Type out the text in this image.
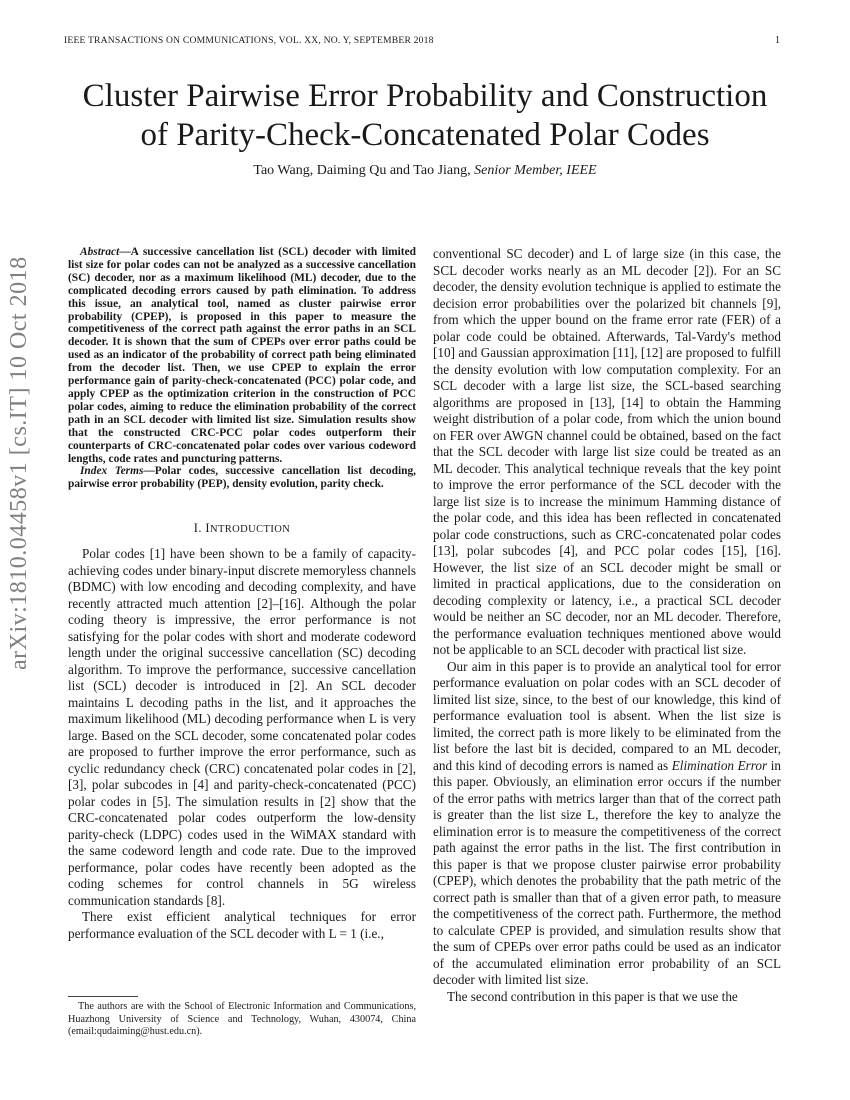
IEEE TRANSACTIONS ON COMMUNICATIONS, VOL. XX, NO. Y, SEPTEMBER 2018	1
arXiv:1810.04458v1 [cs.IT] 10 Oct 2018
Cluster Pairwise Error Probability and Construction
of Parity-Check-Concatenated Polar Codes
Tao Wang, Daiming Qu and Tao Jiang, Senior Member, IEEE

Abstract—A successive cancellation list (SCL) decoder with limited list size for polar codes can not be analyzed as a successive cancellation (SC) decoder, nor as a maximum likelihood (ML) decoder, due to the complicated decoding errors caused by path elimination. To address this issue, an analytical tool, named as cluster pairwise error probability (CPEP), is proposed in this paper to measure the competitiveness of the correct path against the error paths in an SCL decoder. It is shown that the sum of CPEPs over error paths could be used as an indicator of the probability of correct path being eliminated from the decoder list. Then, we use CPEP to explain the error performance gain of parity-check-concatenated (PCC) polar code, and apply CPEP as the optimization criterion in the construction of PCC polar codes, aiming to reduce the elimination probability of the correct path in an SCL decoder with limited list size. Simulation results show that the constructed CRC-PCC polar codes outperform their counterparts of CRC-concatenated polar codes over various codeword lengths, code rates and puncturing patterns.

Index Terms—Polar codes, successive cancellation list decoding, pairwise error probability (PEP), density evolution, parity check.

I. INTRODUCTION

Polar codes [1] have been shown to be a family of capacity-achieving codes under binary-input discrete memoryless channels (BDMC) with low encoding and decoding complexity, and have recently attracted much attention [2]–[16]. Although the polar coding theory is impressive, the error performance is not satisfying for the polar codes with short and moderate codeword length under the original successive cancellation (SC) decoding algorithm. To improve the performance, successive cancellation list (SCL) decoder is introduced in [2]. An SCL decoder maintains L decoding paths in the list, and it approaches the maximum likelihood (ML) decoding performance when L is very large. Based on the SCL decoder, some concatenated polar codes are proposed to further improve the error performance, such as cyclic redundancy check (CRC) concatenated polar codes in [2], [3], polar subcodes in [4] and parity-check-concatenated (PCC) polar codes in [5]. The simulation results in [2] show that the CRC-concatenated polar codes outperform the low-density parity-check (LDPC) codes used in the WiMAX standard with the same codeword length and code rate. Due to the improved performance, polar codes have recently been adopted as the coding schemes for control channels in 5G wireless communication standards [8].

There exist efficient analytical techniques for error performance evaluation of the SCL decoder with L = 1 (i.e.,

The authors are with the School of Electronic Information and Communications, Huazhong University of Science and Technology, Wuhan, 430074, China (email:qudaiming@hust.edu.cn).

conventional SC decoder) and L of large size (in this case, the SCL decoder works nearly as an ML decoder [2]). For an SC decoder, the density evolution technique is applied to estimate the decision error probabilities over the polarized bit channels [9], from which the upper bound on the frame error rate (FER) of a polar code could be obtained. Afterwards, Tal-Vardy's method [10] and Gaussian approximation [11], [12] are proposed to fulfill the density evolution with low computation complexity. For an SCL decoder with a large list size, the SCL-based searching algorithms are proposed in [13], [14] to obtain the Hamming weight distribution of a polar code, from which the union bound on FER over AWGN channel could be obtained, based on the fact that the SCL decoder with large list size could be treated as an ML decoder. This analytical technique reveals that the key point to improve the error performance of the SCL decoder with the large list size is to increase the minimum Hamming distance of the polar code, and this idea has been reflected in concatenated polar code constructions, such as CRC-concatenated polar codes [13], polar subcodes [4], and PCC polar codes [15], [16]. However, the list size of an SCL decoder might be small or limited in practical applications, due to the consideration on decoding complexity or latency, i.e., a practical SCL decoder would be neither an SC decoder, nor an ML decoder. Therefore, the performance evaluation techniques mentioned above would not be applicable to an SCL decoder with practical list size.

Our aim in this paper is to provide an analytical tool for error performance evaluation on polar codes with an SCL decoder of limited list size, since, to the best of our knowledge, this kind of performance evaluation tool is absent. When the list size is limited, the correct path is more likely to be eliminated from the list before the last bit is decided, compared to an ML decoder, and this kind of decoding errors is named as Elimination Error in this paper. Obviously, an elimination error occurs if the number of the error paths with metrics larger than that of the correct path is greater than the list size L, therefore the key to analyze the elimination error is to measure the competitiveness of the correct path against the error paths in the list. The first contribution in this paper is that we propose cluster pairwise error probability (CPEP), which denotes the probability that the path metric of the correct path is smaller than that of a given error path, to measure the competitiveness of the correct path. Furthermore, the method to calculate CPEP is provided, and simulation results show that the sum of CPEPs over error paths could be used as an indicator of the accumulated elimination error probability of an SCL decoder with limited list size.

The second contribution in this paper is that we use the
